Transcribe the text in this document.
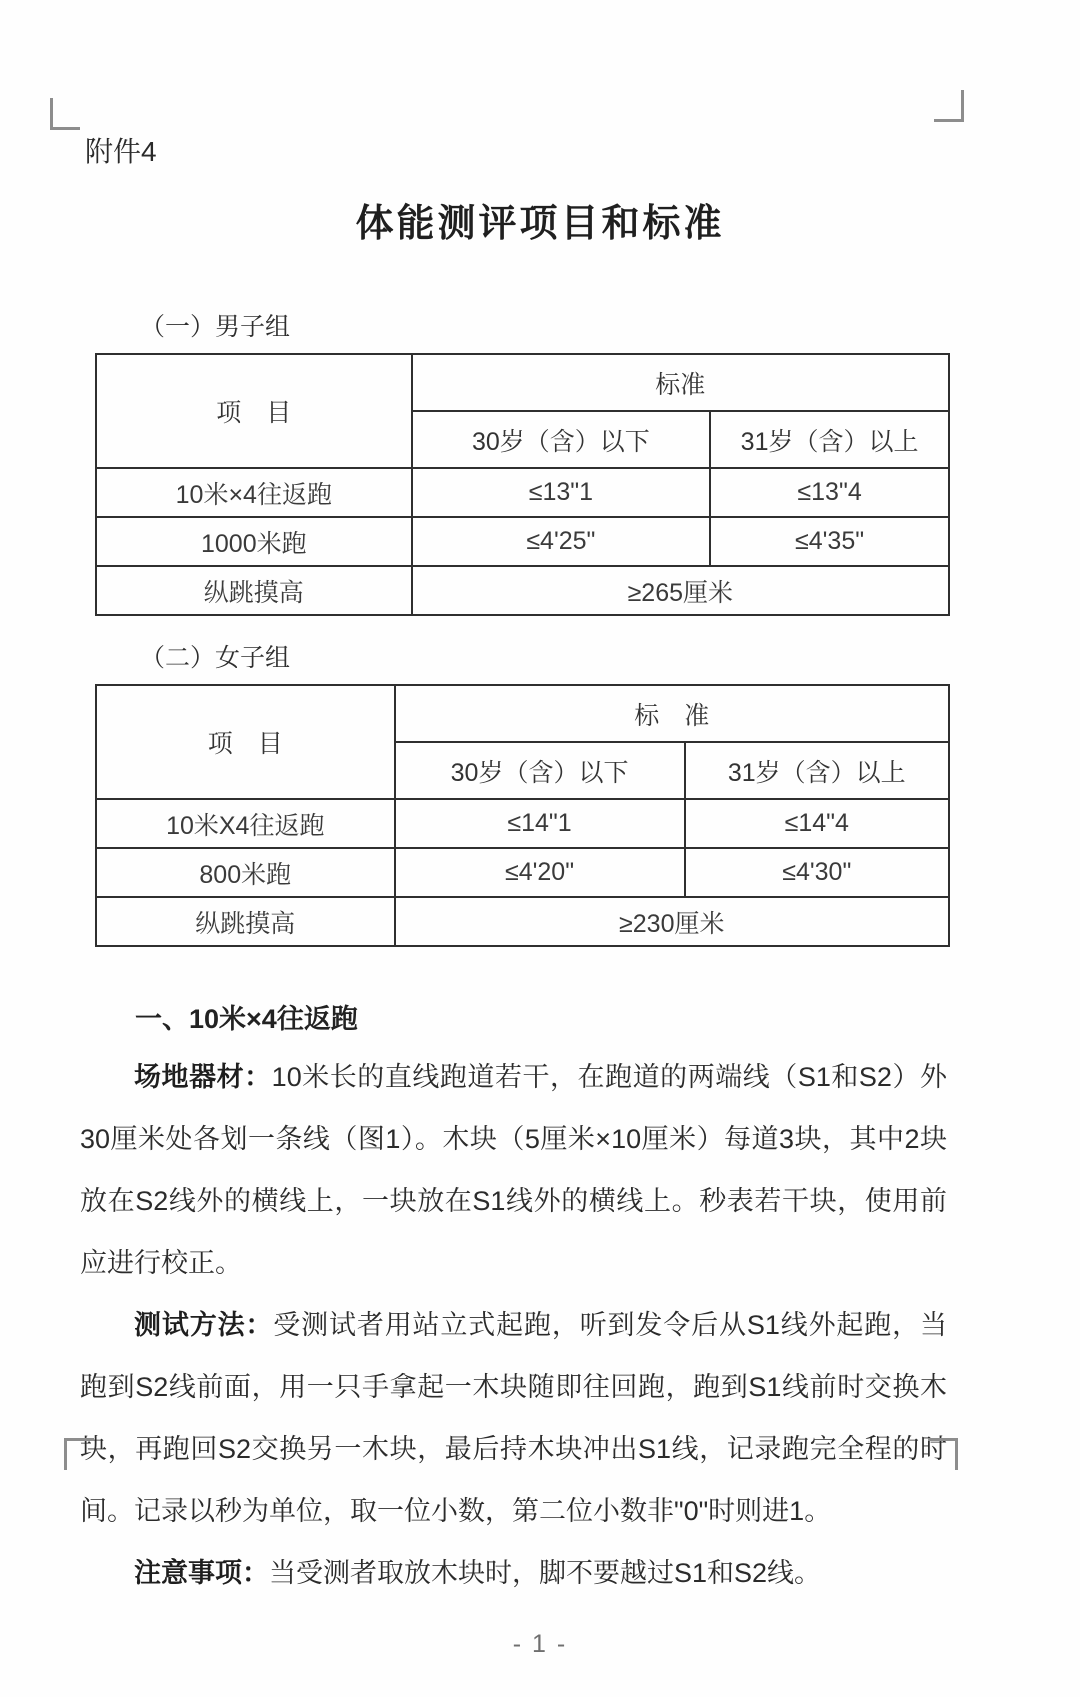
附件4
体能测评项目和标准
（一）男子组
项　目	标准	
	30岁（含）以下	31岁（含）以上
10米×4往返跑	≤13"1	≤13"4
1000米跑	≤4'25"	≤4'35"
纵跳摸高	≥265厘米	
（二）女子组
项　目	标　准	
	30岁（含）以下	31岁（含）以上
10米X4往返跑	≤14"1	≤14"4
800米跑	≤4'20"	≤4'30"
纵跳摸高	≥230厘米	
一、10米×4往返跑

场地器材：10米长的直线跑道若干，在跑道的两端线（S1和S2）外30厘米处各划一条线（图1）。木块（5厘米×10厘米）每道3块，其中2块放在S2线外的横线上，一块放在S1线外的横线上。秒表若干块，使用前应进行校正。

测试方法：受测试者用站立式起跑，听到发令后从S1线外起跑，当跑到S2线前面，用一只手拿起一木块随即往回跑，跑到S1线前时交换木块，再跑回S2交换另一木块，最后持木块冲出S1线，记录跑完全程的时间。记录以秒为单位，取一位小数，第二位小数非"0"时则进1。

注意事项：当受测者取放木块时，脚不要越过S1和S2线。

- 1 -
